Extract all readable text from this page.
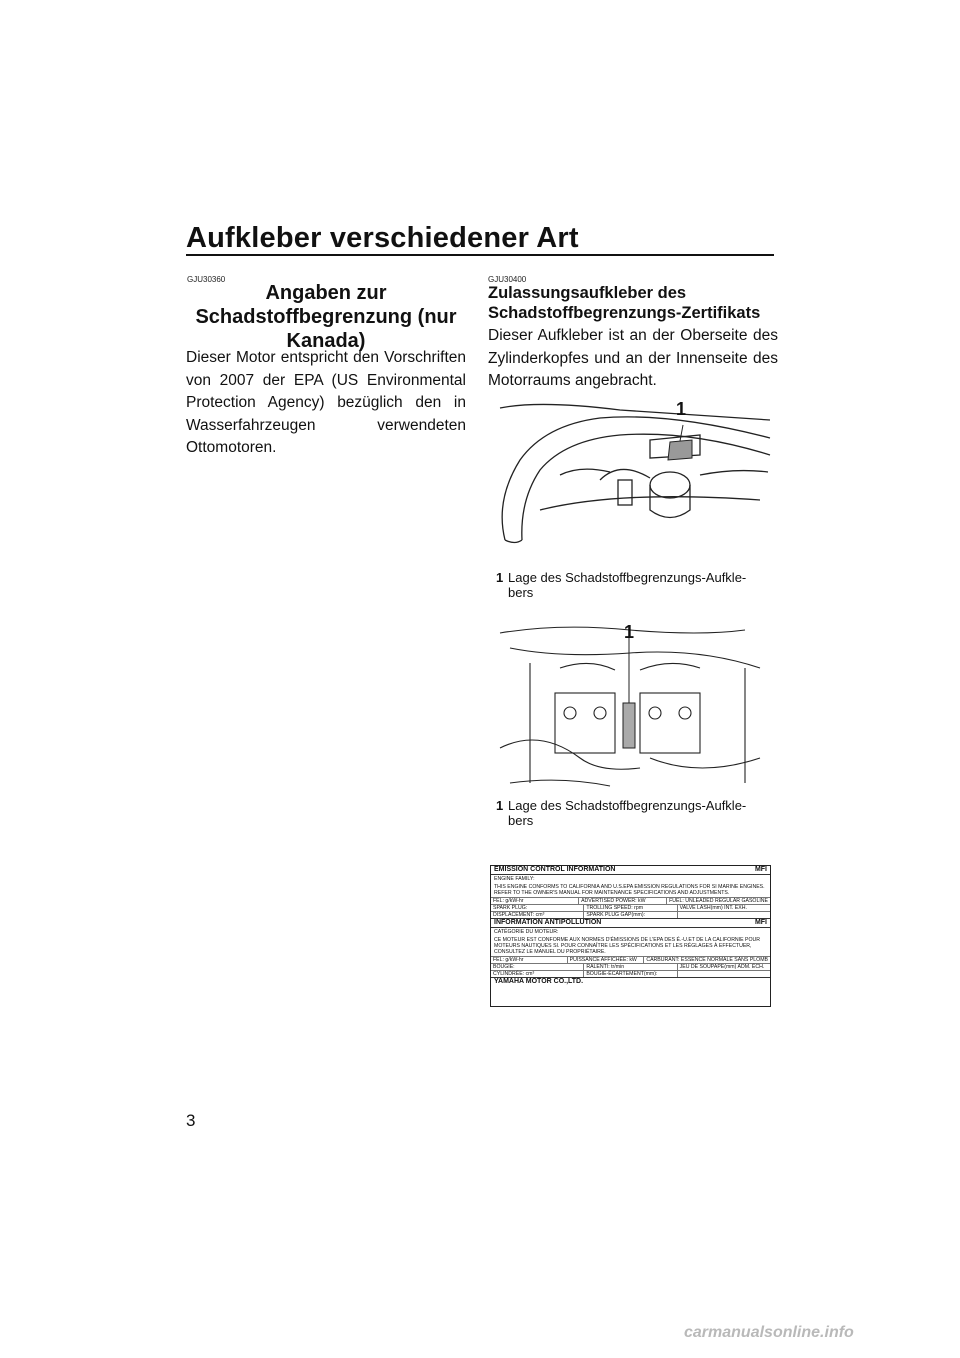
Aufkleber verschiedener Art
GJU30360
Angaben zur Schadstoffbegrenzung (nur Kanada)
Dieser Motor entspricht den Vorschriften von 2007 der EPA (US Environmental Protection Agency) bezüglich den in Wasserfahrzeugen verwendeten Ottomotoren.
GJU30400
Zulassungsaufkleber des Schadstoffbegrenzungs-Zertifikats
Dieser Aufkleber ist an der Oberseite des Zylinderkopfes und an der Innenseite des Motorraums angebracht.
1
1 Lage des Schadstoffbegrenzungs-Aufkle-bers
1
1 Lage des Schadstoffbegrenzungs-Aufkle-bers
EMISSION CONTROL INFORMATION	MFI
ENGINE FAMILY:
THIS ENGINE CONFORMS TO CALIFORNIA AND U.S.EPA EMISSION REGULATIONS FOR SI MARINE ENGINES. REFER TO THE OWNER'S MANUAL FOR MAINTENANCE SPECIFICATIONS AND ADJUSTMENTS.
FEL: g/kW-hr	ADVERTISED POWER: kW	FUEL: UNLEADED REGULAR GASOLINE
SPARK PLUG:	TROLLING SPEED: rpm	VALVE LASH(mm) INT. EXH.
DISPLACEMENT: cm³	SPARK PLUG GAP(mm):
INFORMATION ANTIPOLLUTION	MFI
CATÉGORIE DU MOTEUR:
CE MOTEUR EST CONFORME AUX NORMES D'ÉMISSIONS DE L'EPA DES É.-U.ET DE LA CALIFORNIE POUR MOTEURS NAUTIQUES SI. POUR CONNAÎTRE LES SPÉCIFICATIONS ET LES RÉGLAGES À EFFECTUER, CONSULTEZ LE MANUEL DU PROPRIÉTAIRE.
FEL: g/kW-hr	PUISSANCE AFFICHÉE: kW	CARBURANT: ESSENCE NORMALE SANS PLOMB
BOUGIE:	RALENTI: tr/min	JEU DE SOUPAPE(mm) ADM. ÉCH.
CYLINDRÉE: cm³	BOUGIE-ÉCARTEMENT(mm):
YAMAHA MOTOR CO.,LTD.
3
carmanualsonline.info
